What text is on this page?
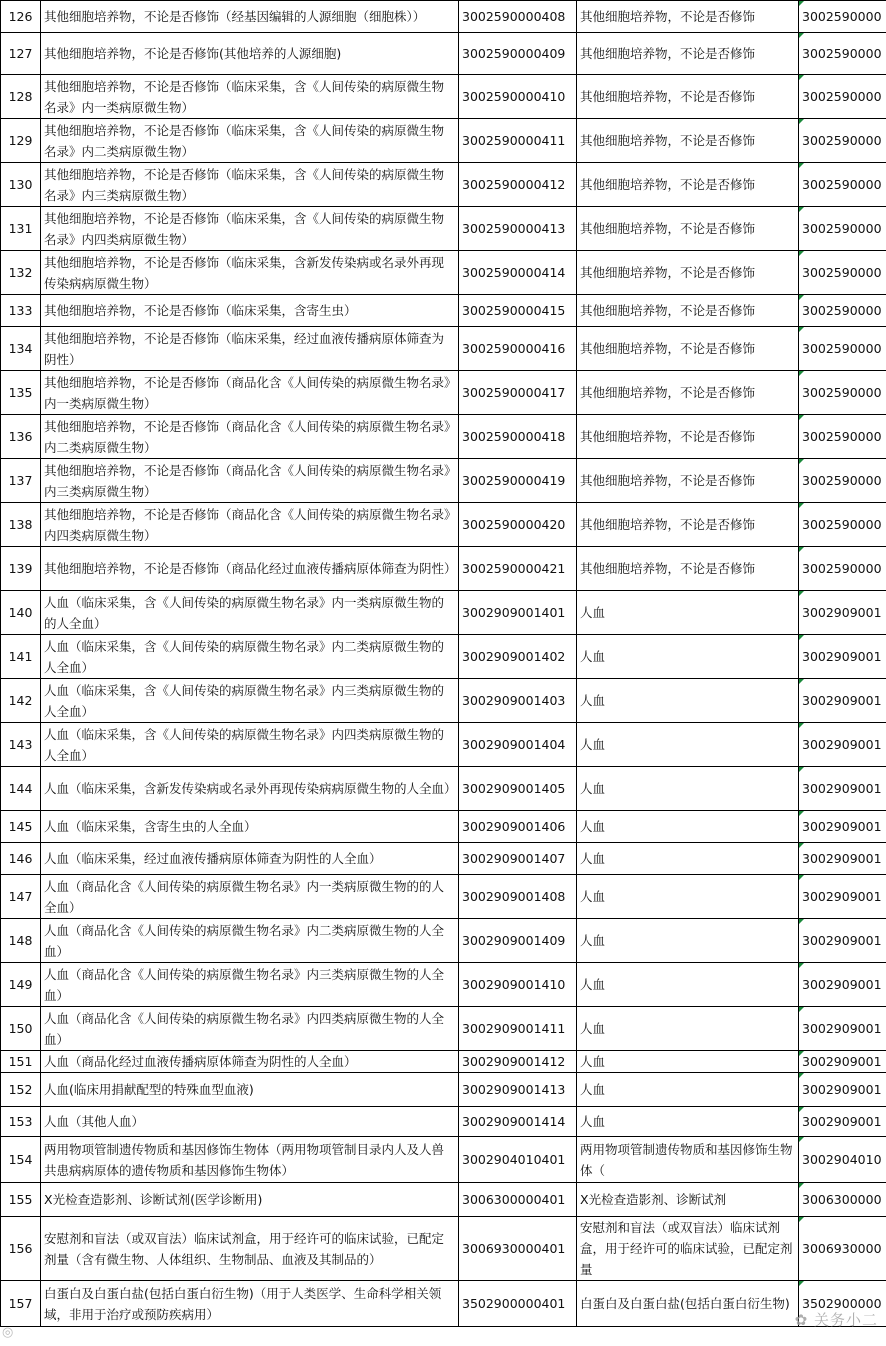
126	其他细胞培养物，不论是否修饰（经基因编辑的人源细胞（细胞株））	3002590000408	其他细胞培养物，不论是否修饰	3002590000
127	其他细胞培养物，不论是否修饰(其他培养的人源细胞)	3002590000409	其他细胞培养物，不论是否修饰	3002590000
128	其他细胞培养物，不论是否修饰（临床采集，含《人间传染的病原微生物名录》内一类病原微生物）	3002590000410	其他细胞培养物，不论是否修饰	3002590000
129	其他细胞培养物，不论是否修饰（临床采集，含《人间传染的病原微生物名录》内二类病原微生物）	3002590000411	其他细胞培养物，不论是否修饰	3002590000
130	其他细胞培养物，不论是否修饰（临床采集，含《人间传染的病原微生物名录》内三类病原微生物）	3002590000412	其他细胞培养物，不论是否修饰	3002590000
131	其他细胞培养物，不论是否修饰（临床采集，含《人间传染的病原微生物名录》内四类病原微生物）	3002590000413	其他细胞培养物，不论是否修饰	3002590000
132	其他细胞培养物，不论是否修饰（临床采集，含新发传染病或名录外再现传染病病原微生物）	3002590000414	其他细胞培养物，不论是否修饰	3002590000
133	其他细胞培养物，不论是否修饰（临床采集，含寄生虫）	3002590000415	其他细胞培养物，不论是否修饰	3002590000
134	其他细胞培养物，不论是否修饰（临床采集，经过血液传播病原体筛查为阴性）	3002590000416	其他细胞培养物，不论是否修饰	3002590000
135	其他细胞培养物，不论是否修饰（商品化含《人间传染的病原微生物名录》内一类病原微生物）	3002590000417	其他细胞培养物，不论是否修饰	3002590000
136	其他细胞培养物，不论是否修饰（商品化含《人间传染的病原微生物名录》内二类病原微生物）	3002590000418	其他细胞培养物，不论是否修饰	3002590000
137	其他细胞培养物，不论是否修饰（商品化含《人间传染的病原微生物名录》内三类病原微生物）	3002590000419	其他细胞培养物，不论是否修饰	3002590000
138	其他细胞培养物，不论是否修饰（商品化含《人间传染的病原微生物名录》内四类病原微生物）	3002590000420	其他细胞培养物，不论是否修饰	3002590000
139	其他细胞培养物，不论是否修饰（商品化经过血液传播病原体筛查为阴性）	3002590000421	其他细胞培养物，不论是否修饰	3002590000
140	人血（临床采集，含《人间传染的病原微生物名录》内一类病原微生物的的人全血）	3002909001401	人血	3002909001
141	人血（临床采集，含《人间传染的病原微生物名录》内二类病原微生物的人全血）	3002909001402	人血	3002909001
142	人血（临床采集，含《人间传染的病原微生物名录》内三类病原微生物的人全血）	3002909001403	人血	3002909001
143	人血（临床采集，含《人间传染的病原微生物名录》内四类病原微生物的人全血）	3002909001404	人血	3002909001
144	人血（临床采集，含新发传染病或名录外再现传染病病原微生物的人全血）	3002909001405	人血	3002909001
145	人血（临床采集，含寄生虫的人全血）	3002909001406	人血	3002909001
146	人血（临床采集，经过血液传播病原体筛查为阴性的人全血）	3002909001407	人血	3002909001
147	人血（商品化含《人间传染的病原微生物名录》内一类病原微生物的的人全血）	3002909001408	人血	3002909001
148	人血（商品化含《人间传染的病原微生物名录》内二类病原微生物的人全血）	3002909001409	人血	3002909001
149	人血（商品化含《人间传染的病原微生物名录》内三类病原微生物的人全血）	3002909001410	人血	3002909001
150	人血（商品化含《人间传染的病原微生物名录》内四类病原微生物的人全血）	3002909001411	人血	3002909001
151	人血（商品化经过血液传播病原体筛查为阴性的人全血）	3002909001412	人血	3002909001
152	人血(临床用捐献配型的特殊血型血液)	3002909001413	人血	3002909001
153	人血（其他人血）	3002909001414	人血	3002909001
154	两用物项管制遗传物质和基因修饰生物体（两用物项管制目录内人及人兽共患病病原体的遗传物质和基因修饰生物体）	3002904010401	两用物项管制遗传物质和基因修饰生物体（	3002904010
155	X光检查造影剂、诊断试剂(医学诊断用)	3006300000401	X光检查造影剂、诊断试剂	3006300000
156	安慰剂和盲法（或双盲法）临床试剂盒，用于经许可的临床试验，已配定剂量（含有微生物、人体组织、生物制品、血液及其制品的）	3006930000401	安慰剂和盲法（或双盲法）临床试剂盒，用于经许可的临床试验，已配定剂量	3006930000
157	白蛋白及白蛋白盐(包括白蛋白衍生物)（用于人类医学、生命科学相关领域，非用于治疗或预防疾病用）	3502900000401	白蛋白及白蛋白盐(包括白蛋白衍生物)	3502900000
◎
✿ 关务小二
